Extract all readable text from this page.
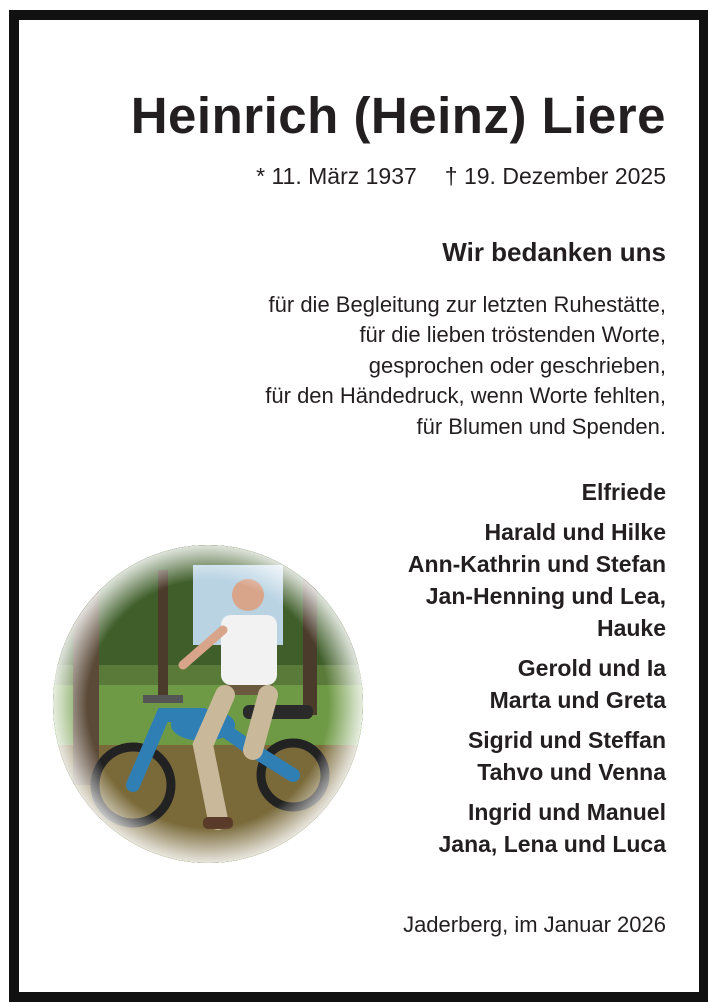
Heinrich (Heinz) Liere
* 11. März 1937 † 19. Dezember 2025
Wir bedanken uns
für die Begleitung zur letzten Ruhestätte,
für die lieben tröstenden Worte,
gesprochen oder geschrieben,
für den Händedruck, wenn Worte fehlten,
für Blumen und Spenden.
Elfriede
Harald und Hilke
Ann-Kathrin und Stefan
Jan-Henning und Lea,
Hauke
Gerold und Ia
Marta und Greta
Sigrid und Steffan
Tahvo und Venna
Ingrid und Manuel
Jana, Lena und Luca
Jaderberg, im Januar 2026
